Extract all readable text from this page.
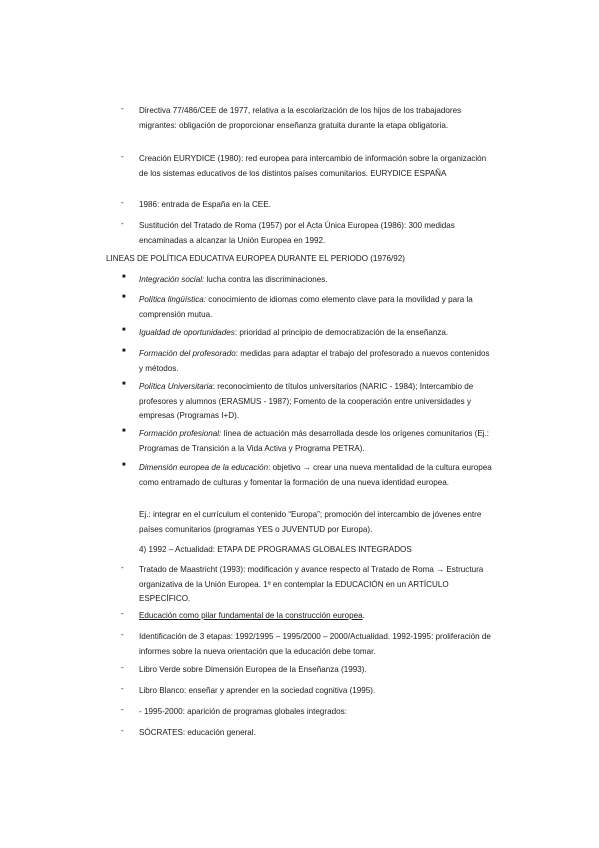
- Directiva 77/486/CEE de 1977, relativa a la escolarización de los hijos de los trabajadores migrantes: obligación de proporcionar enseñanza gratuita durante la etapa obligatoria.
- Creación EURYDICE (1980): red europea para intercambio de información sobre la organización de los sistemas educativos de los distintos países comunitarios. EURYDICE ESPAÑA
- 1986: entrada de España en la CEE.
- Sustitución del Tratado de Roma (1957) por el Acta Única Europea (1986): 300 medidas encaminadas a alcanzar la Unión Europea en 1992.
LINEAS DE POLÍTICA EDUCATIVA EUROPEA DURANTE EL PERIODO (1976/92)
■ Integración social: lucha contra las discriminaciones.
■ Política lingüística: conocimiento de idiomas como elemento clave para la movilidad y para la comprensión mutua.
■ Igualdad de oportunidades: prioridad al principio de democratización de la enseñanza.
■ Formación del profesorado: medidas para adaptar el trabajo del profesorado a nuevos contenidos y métodos.
■ Política Universitaria: reconocimiento de títulos universitarios (NARIC - 1984); Intercambio de profesores y alumnos (ERASMUS - 1987); Fomento de la cooperación entre universidades y empresas (Programas I+D).
■ Formación profesional: línea de actuación más desarrollada desde los orígenes comunitarios (Ej.: Programas de Transición a la Vida Activa y Programa PETRA).
■ Dimensión europea de la educación: objetivo → crear una nueva mentalidad de la cultura europea como entramado de culturas y fomentar la formación de una nueva identidad europea.
Ej.: integrar en el currículum el contenido “Europa”; promoción del intercambio de jóvenes entre países comunitarios (programas YES o JUVENTUD por Europa).
4) 1992 – Actualidad: ETAPA DE PROGRAMAS GLOBALES INTEGRADOS
- Tratado de Maastricht (1993): modificación y avance respecto al Tratado de Roma → Estructura organizativa de la Unión Europea. 1º en contemplar la EDUCACIÓN en un ARTÍCULO ESPECÍFICO.
- Educación como pilar fundamental de la construcción europea.
- Identificación de 3 etapas: 1992/1995 – 1995/2000 – 2000/Actualidad. 1992-1995: proliferación de informes sobre la nueva orientación que la educación debe tomar.
- Libro Verde sobre Dimensión Europea de la Enseñanza (1993).
- Libro Blanco: enseñar y aprender en la sociedad cognitiva (1995).
- - 1995-2000: aparición de programas globales integrados:
- SÓCRATES: educación general.
